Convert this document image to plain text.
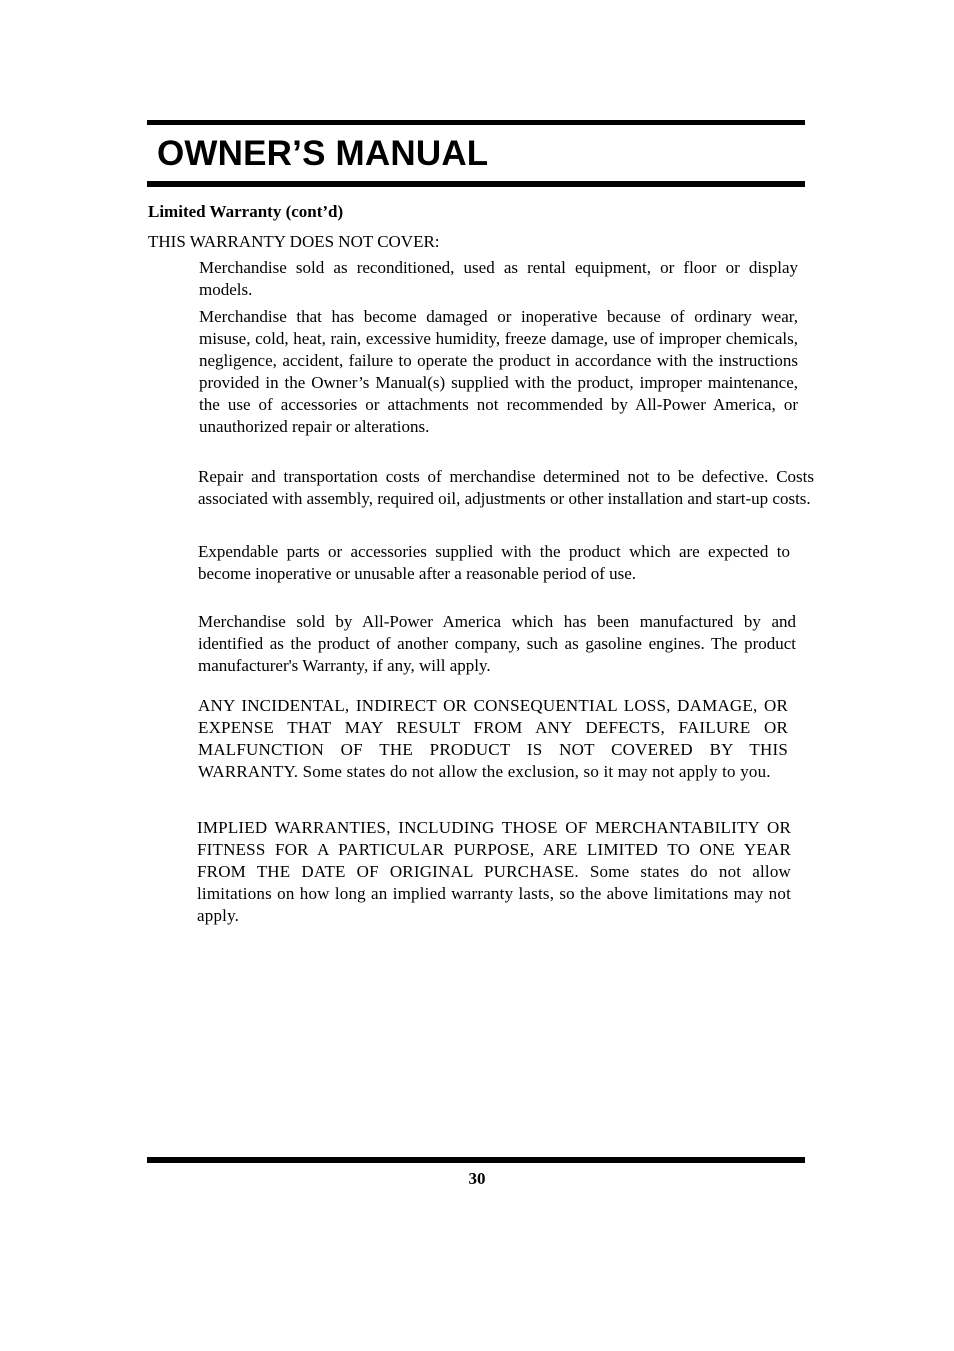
OWNER’S MANUAL
Limited Warranty (cont’d)

THIS WARRANTY DOES NOT COVER:

Merchandise sold as reconditioned, used as rental equipment, or floor or display models.

Merchandise that has become damaged or inoperative because of ordinary wear, misuse, cold, heat, rain, excessive humidity, freeze damage, use of improper chemicals, negligence, accident, failure to operate the product in accordance with the instructions provided in the Owner’s Manual(s) supplied with the product, improper maintenance, the use of accessories or attachments not recommended by All-Power America, or unauthorized repair or alterations.

Repair and transportation costs of merchandise determined not to be defective. Costs associated with assembly, required oil, adjustments or other installation and start-up costs.

Expendable parts or accessories supplied with the product which are expected to become inoperative or unusable after a reasonable period of use.

Merchandise sold by All-Power America which has been manufactured by and identified as the product of another company, such as gasoline engines. The product manufacturer's Warranty, if any, will apply.

ANY INCIDENTAL, INDIRECT OR CONSEQUENTIAL LOSS, DAMAGE, OR EXPENSE THAT MAY RESULT FROM ANY DEFECTS, FAILURE OR MALFUNCTION OF THE PRODUCT IS NOT COVERED BY THIS WARRANTY. Some states do not allow the exclusion, so it may not apply to you.

IMPLIED WARRANTIES, INCLUDING THOSE OF MERCHANTABILITY OR FITNESS FOR A PARTICULAR PURPOSE, ARE LIMITED TO ONE YEAR FROM THE DATE OF ORIGINAL PURCHASE. Some states do not allow limitations on how long an implied warranty lasts, so the above limitations may not apply.

30
